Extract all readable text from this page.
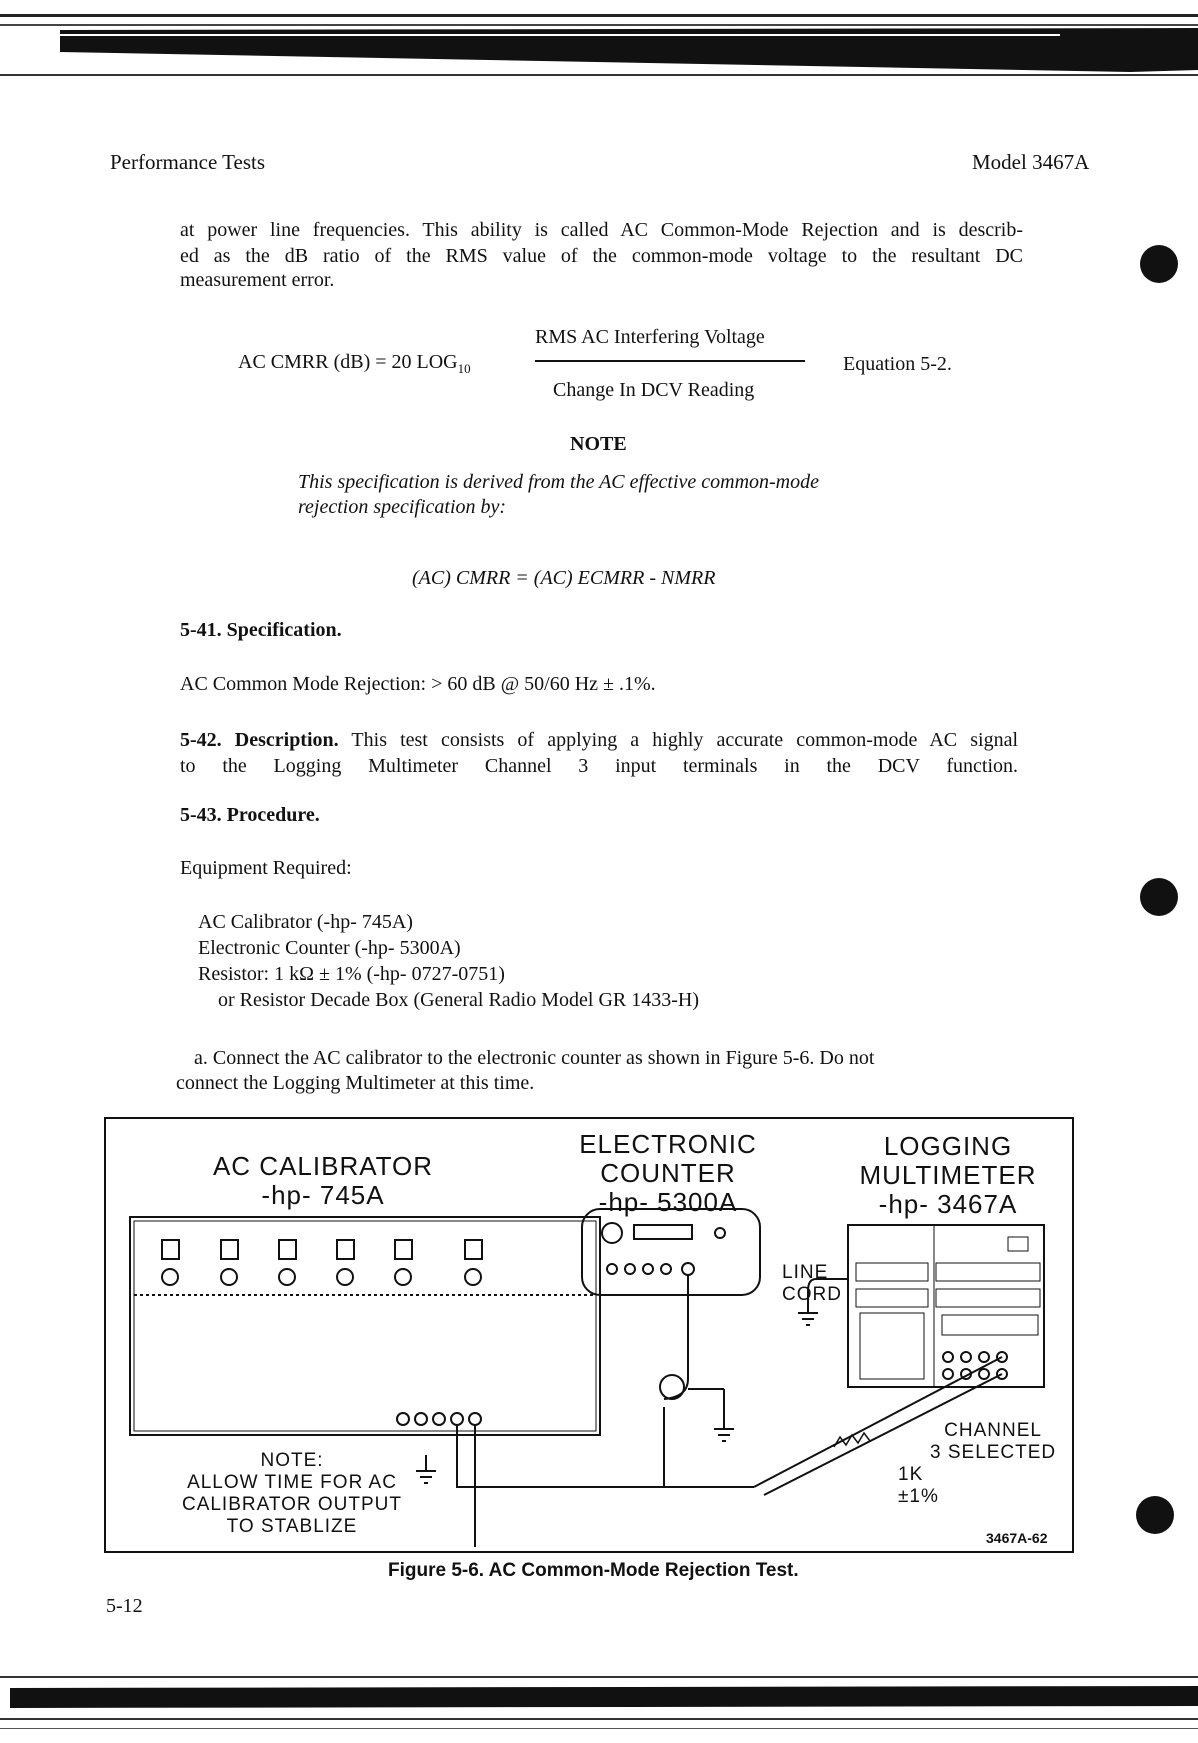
Performance Tests	Model 3467A
at power line frequencies. This ability is called AC Common-Mode Rejection and is describ-
ed as the dB ratio of the RMS value of the common-mode voltage to the resultant DC
measurement error.
AC CMRR (dB) = 20 $LOG_{10}$
RMS AC Interfering Voltage
Change In DCV Reading
Equation 5-2.
NOTE
This specification is derived from the AC effective common-mode
rejection specification by:
(AC) CMRR = (AC) ECMRR - NMRR
5-41. Specification.
AC Common Mode Rejection: > 60 dB @ 50/60 Hz ± .1%.
5-42. Description. This test consists of applying a highly accurate common-mode AC signal
to the Logging Multimeter Channel 3 input terminals in the DCV function.
5-43. Procedure.
Equipment Required:
AC Calibrator (-hp- 745A)
Electronic Counter (-hp- 5300A)
Resistor: 1 kΩ ± 1% (-hp- 0727-0751)
or Resistor Decade Box (General Radio Model GR 1433-H)
a. Connect the AC calibrator to the electronic counter as shown in Figure 5-6. Do not
connect the Logging Multimeter at this time.
AC CALIBRATOR
-hp- 745A
ELECTRONIC
COUNTER
-hp- 5300A
LOGGING
MULTIMETER
-hp- 3467A
LINE
CORD
CHANNEL
3 SELECTED
1K
±1%
NOTE:
ALLOW TIME FOR AC
CALIBRATOR OUTPUT
TO STABLIZE
3467A-62
Figure 5-6. AC Common-Mode Rejection Test.
5-12
